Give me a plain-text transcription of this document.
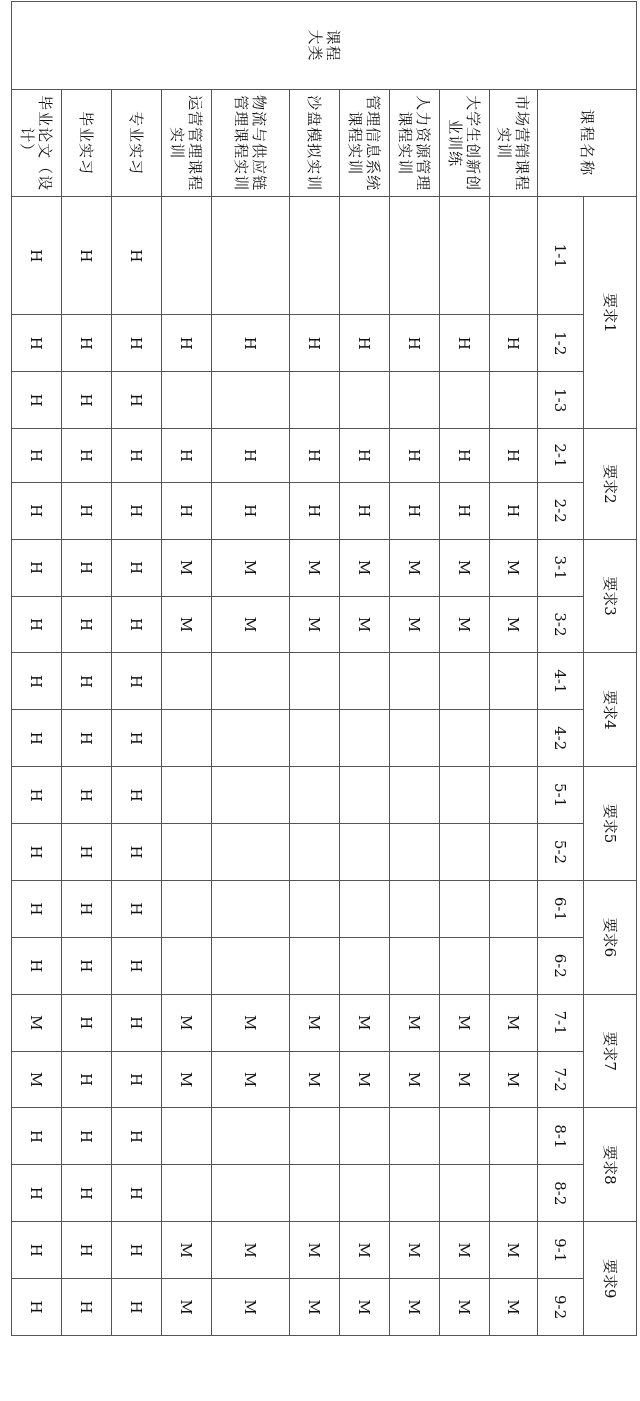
课程
大类	课程名称	要求1			要求2		要求3		要求4		要求5		要求6		要求7		要求8		要求9	
		1-1	1-2	1-3	2-1	2-2	3-1	3-2	4-1	4-2	5-1	5-2	6-1	6-2	7-1	7-2	8-1	8-2	9-1	9-2
	市场营销课程实训		H		H	H	M	M							M	M			M	M
	大学生创新创业训练		H		H	H	M	M							M	M			M	M
	人力资源管理课程实训		H		H	H	M	M							M	M			M	M
	管理信息系统课程实训		H		H	H	M	M							M	M			M	M
	沙盘模拟实训		H		H	H	M	M							M	M			M	M
	物流与供应链管理课程实训		H		H	H	M	M							M	M			M	M
	运营管理课程实训		H		H	H	M	M							M	M			M	M
	专业实习	H	H	H	H	H	H	H	H	H	H	H	H	H	H	H	H	H	H	H
	毕业实习	H	H	H	H	H	H	H	H	H	H	H	H	H	H	H	H	H	H	H
	毕业论文（设计）	H	H	H	H	H	H	H	H	H	H	H	H	H	M	M	H	H	H	H
